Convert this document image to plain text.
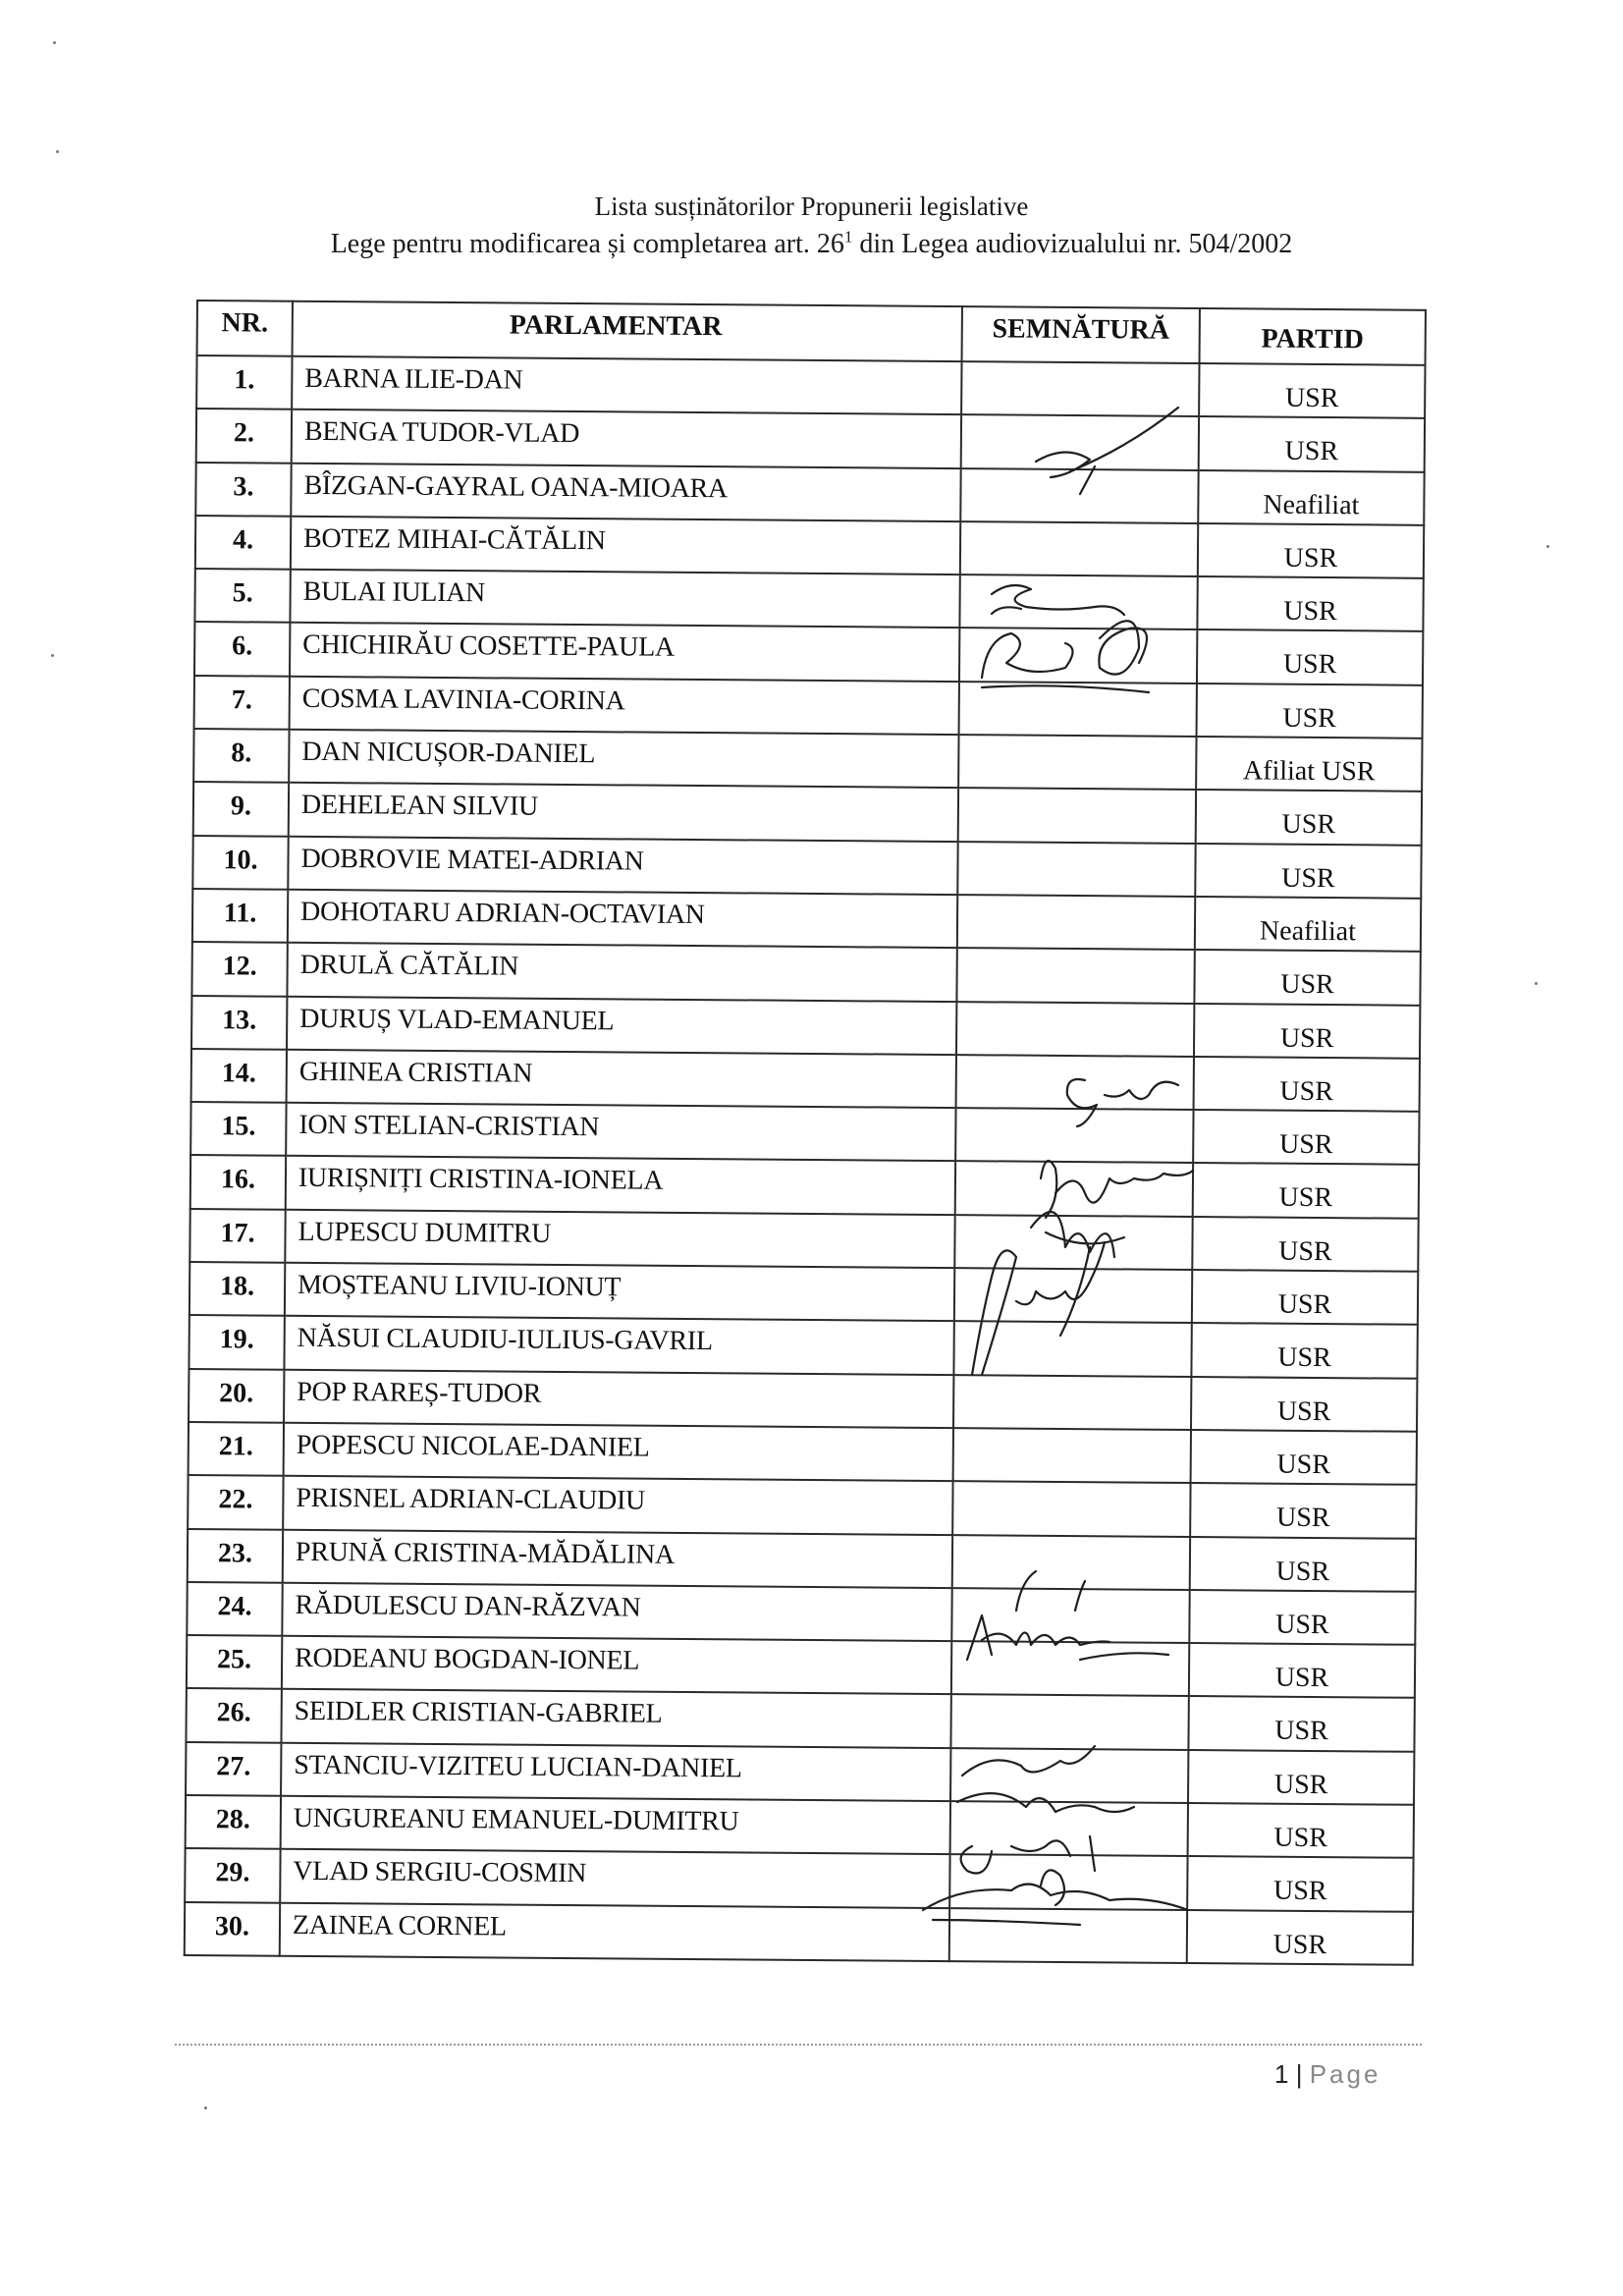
Lista susținătorilor Propunerii legislative
Lege pentru modificarea și completarea art. $26^1$ din Legea audiovizualului nr. 504/2002
NR.	PARLAMENTAR	SEMNĂTURĂ	PARTID
1.	BARNA ILIE-DAN		USR
2.	BENGA TUDOR-VLAD		USR
3.	BÎZGAN-GAYRAL OANA-MIOARA		Neafiliat
4.	BOTEZ MIHAI-CĂTĂLIN		USR
5.	BULAI IULIAN		USR
6.	CHICHIRĂU COSETTE-PAULA		USR
7.	COSMA LAVINIA-CORINA		USR
8.	DAN NICUȘOR-DANIEL		Afiliat USR
9.	DEHELEAN SILVIU		USR
10.	DOBROVIE MATEI-ADRIAN		USR
11.	DOHOTARU ADRIAN-OCTAVIAN		Neafiliat
12.	DRULĂ CĂTĂLIN		USR
13.	DURUȘ VLAD-EMANUEL		USR
14.	GHINEA CRISTIAN		USR
15.	ION STELIAN-CRISTIAN		USR
16.	IURIȘNIȚI CRISTINA-IONELA		USR
17.	LUPESCU DUMITRU		USR
18.	MOȘTEANU LIVIU-IONUȚ		USR
19.	NĂSUI CLAUDIU-IULIUS-GAVRIL		USR
20.	POP RAREȘ-TUDOR		USR
21.	POPESCU NICOLAE-DANIEL		USR
22.	PRISNEL ADRIAN-CLAUDIU		USR
23.	PRUNĂ CRISTINA-MĂDĂLINA		USR
24.	RĂDULESCU DAN-RĂZVAN		USR
25.	RODEANU BOGDAN-IONEL		USR
26.	SEIDLER CRISTIAN-GABRIEL		USR
27.	STANCIU-VIZITEU LUCIAN-DANIEL		USR
28.	UNGUREANU EMANUEL-DUMITRU		USR
29.	VLAD SERGIU-COSMIN		USR
30.	ZAINEA CORNEL		USR
1 | Page
